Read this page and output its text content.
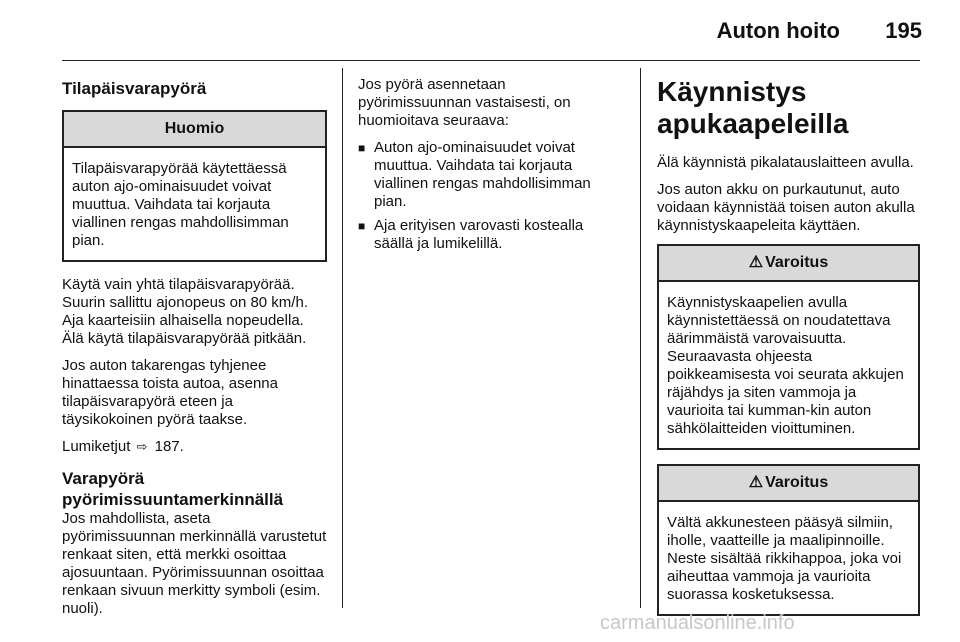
Auton hoito 195
Tilapäisvarapyörä
Huomio
Tilapäisvarapyörää käytettäessä auton ajo-ominaisuudet voivat muuttua. Vaihdata tai korjauta viallinen rengas mahdollisimman pian.

Käytä vain yhtä tilapäisvarapyörää. Suurin sallittu ajonopeus on 80 km/h. Aja kaarteisiin alhaisella nopeudella. Älä käytä tilapäisvarapyörää pitkään.

Jos auton takarengas tyhjenee hinattaessa toista autoa, asenna tilapäisvarapyörä eteen ja täysikokoinen pyörä taakse.

Lumiketjut ⇨ 187.

Varapyörä pyörimissuuntamerkinnällä

Jos mahdollista, aseta pyörimissuunnan merkinnällä varustetut renkaat siten, että merkki osoittaa ajosuuntaan. Pyörimissuunnan osoittaa renkaan sivuun merkitty symboli (esim. nuoli).

Jos pyörä asennetaan pyörimissuunnan vastaisesti, on huomioitava seuraava:

■ Auton ajo-ominaisuudet voivat muuttua. Vaihdata tai korjauta viallinen rengas mahdollisimman pian.
■ Aja erityisen varovasti kostealla säällä ja lumikelillä.
Käynnistys apukaapeleilla

Älä käynnistä pikalatauslaitteen avulla.

Jos auton akku on purkautunut, auto voidaan käynnistää toisen auton akulla käynnistyskaapeleita käyttäen.

⚠ Varoitus
Käynnistyskaapelien avulla käynnistettäessä on noudatettava äärimmäistä varovaisuutta. Seuraavasta ohjeesta poikkeamisesta voi seurata akkujen räjähdys ja siten vammoja ja vaurioita tai kumman-kin auton sähkölaitteiden vioittuminen.
⚠ Varoitus
Vältä akkunesteen pääsyä silmiin, iholle, vaatteille ja maalipinnoille. Neste sisältää rikkihappoa, joka voi aiheuttaa vammoja ja vaurioita suorassa kosketuksessa.
carmanualsonline.info
